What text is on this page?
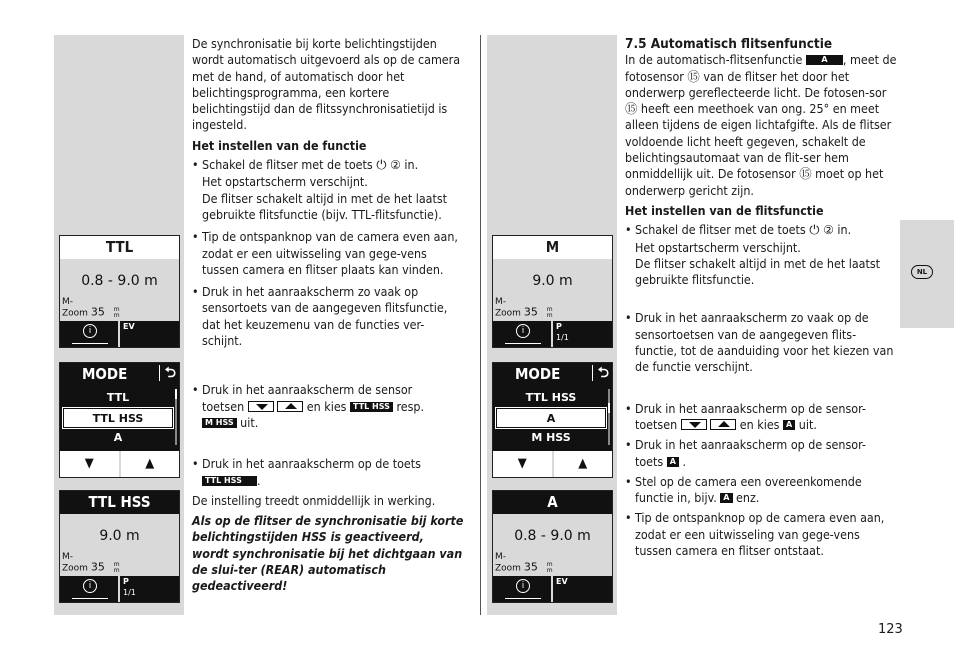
TTL
0.8 - 9.0 m
M-
Zoom 35 m
m
i	EV
MODE	⮌
TTL
TTL HSS
A
▼	▲
TTL HSS
9.0 m
M-
Zoom 35 m
m
i	P
1/1

De synchronisatie bij korte belichtingstijden wordt automatisch uitgevoerd als op de camera met de hand, of automatisch door het belichtingsprogramma, een kortere belichtingstijd dan de flitssynchronisatietijd is ingesteld.

Het instellen van de functie

• Schakel de flitser met de toets ⏻ ② in.
Het opstartscherm verschijnt.
De flitser schakelt altijd in met de het laatst gebruikte flitsfunctie (bijv. TTL-flitsfunctie).
• Tip de ontspanknop van de camera even aan, zodat er een uitwisseling van gege-vens tussen camera en flitser plaats kan vinden.
• Druk in het aanraakscherm zo vaak op sensortoets van de aangegeven flitsfunctie, dat het keuzemenu van de functies ver-schijnt.
• Druk in het aanraakscherm de sensor
toetsen	en kies TTL HSS resp.
M HSS uit.
• Druk in het aanraakscherm op de toets
TTL HSS .

De instelling treedt onmiddellijk in werking.

Als op de flitser de synchronisatie bij korte belichtingstijden HSS is geactiveerd, wordt synchronisatie bij het dichtgaan van de slui-ter (REAR) automatisch gedeactiveerd!

M
9.0 m
M-
Zoom 35 m
m
i	P
1/1
MODE	⮌
TTL HSS
A
M HSS
▼	▲
A
0.8 - 9.0 m
M-
Zoom 35 m
m
i	EV

7.5 Automatisch flitsenfunctie

In de automatisch-flitsenfunctie A , meet de fotosensor ⑮ van de flitser het door het onderwerp gereflecteerde licht. De fotosen-sor ⑮ heeft een meethoek van ong. 25° en meet alleen tijdens de eigen lichtafgifte. Als de flitser voldoende licht heeft gegeven, schakelt de belichtingsautomaat van de flit-ser hem onmiddellijk uit. De fotosensor ⑮ moet op het onderwerp gericht zijn.

Het instellen van de flitsfunctie

• Schakel de flitser met de toets ⏻ ② in.
Het opstartscherm verschijnt.
De flitser schakelt altijd in met de het laatst gebruikte flitsfunctie.
• Druk in het aanraakscherm zo vaak op de sensortoetsen van de aangegeven flits-functie, tot de aanduiding voor het kiezen van de functie verschijnt.
• Druk in het aanraakscherm op de sensor-
toetsen	en kies A uit.
• Druk in het aanraakscherm op de sensor-
toets A .
• Stel op de camera een overeenkomende functie in, bijv. A enz.
• Tip de ontspanknop op de camera even aan, zodat er een uitwisseling van gege-vens tussen camera en flitser ontstaat.
NL
123
